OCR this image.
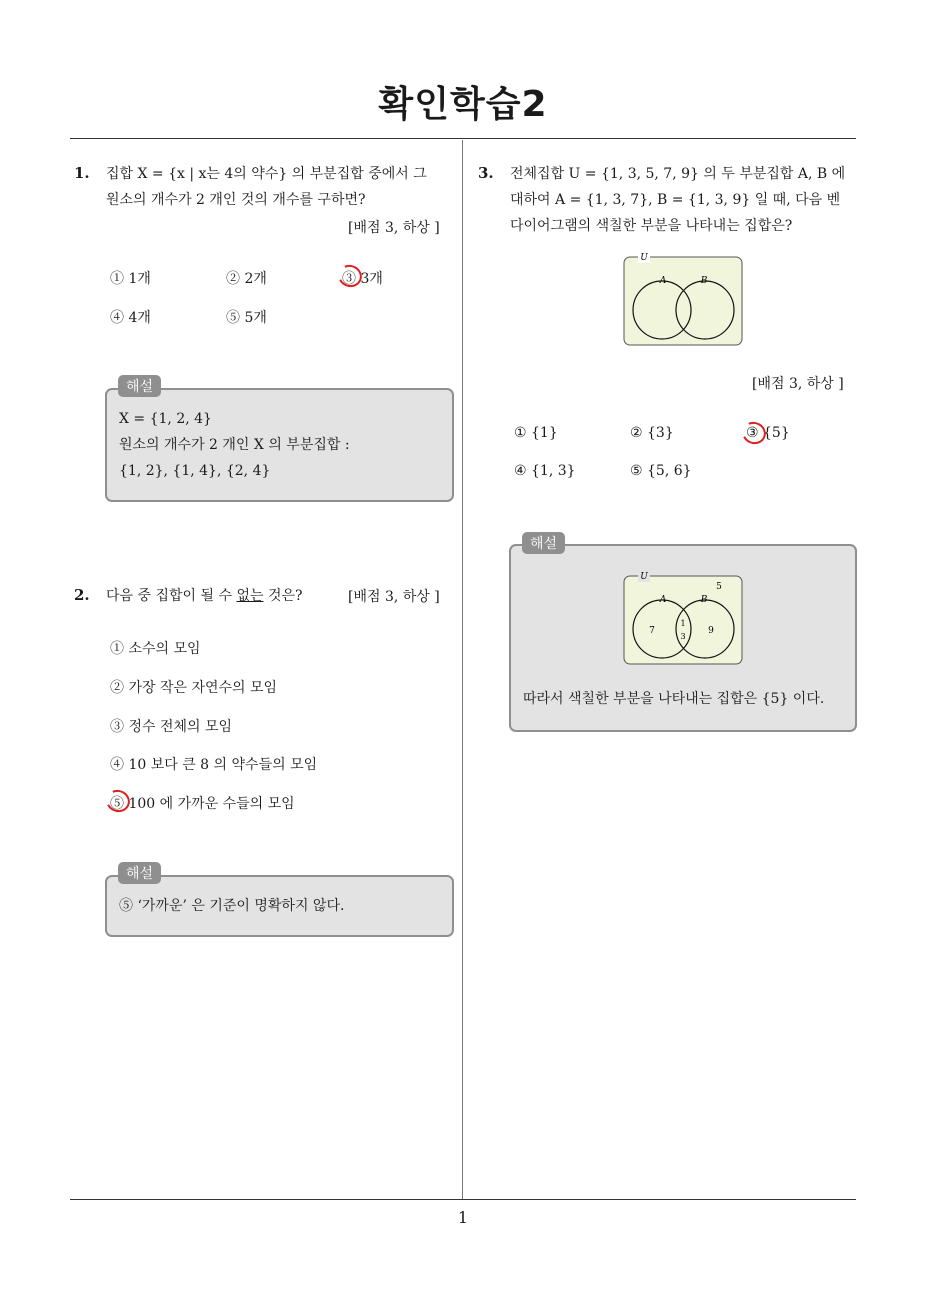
확인학습2
1. 집합 X = {x | x는 4의 약수} 의 부분집합 중에서 그
원소의 개수가 2 개인 것의 개수를 구하면?
[배점 3, 하상 ]
① 1개	② 2개	③ 3개
④ 4개	⑤ 5개
X = {1, 2, 4}
원소의 개수가 2 개인 X 의 부분집합 :
{1, 2}, {1, 4}, {2, 4}
해설
2. 다음 중 집합이 될 수 없는 것은?	[배점 3, 하상 ]
① 소수의 모임
② 가장 작은 자연수의 모임
③ 정수 전체의 모임
④ 10 보다 큰 8 의 약수들의 모임
⑤ 100 에 가까운 수들의 모임
⑤ ‘가까운’ 은 기준이 명확하지 않다.
해설
3. 전체집합 U = {1, 3, 5, 7, 9} 의 두 부분집합 A, B 에
대하여 A = {1, 3, 7}, B = {1, 3, 9} 일 때, 다음 벤
다이어그램의 색칠한 부분을 나타내는 집합은?
U
A	B
[배점 3, 하상 ]
① {1}	② {3}	③ {5}
④ {1, 3}	⑤ {5, 6}
U
A	B
5
7
1
3
9
따라서 색칠한 부분을 나타내는 집합은 {5} 이다.
해설
1
